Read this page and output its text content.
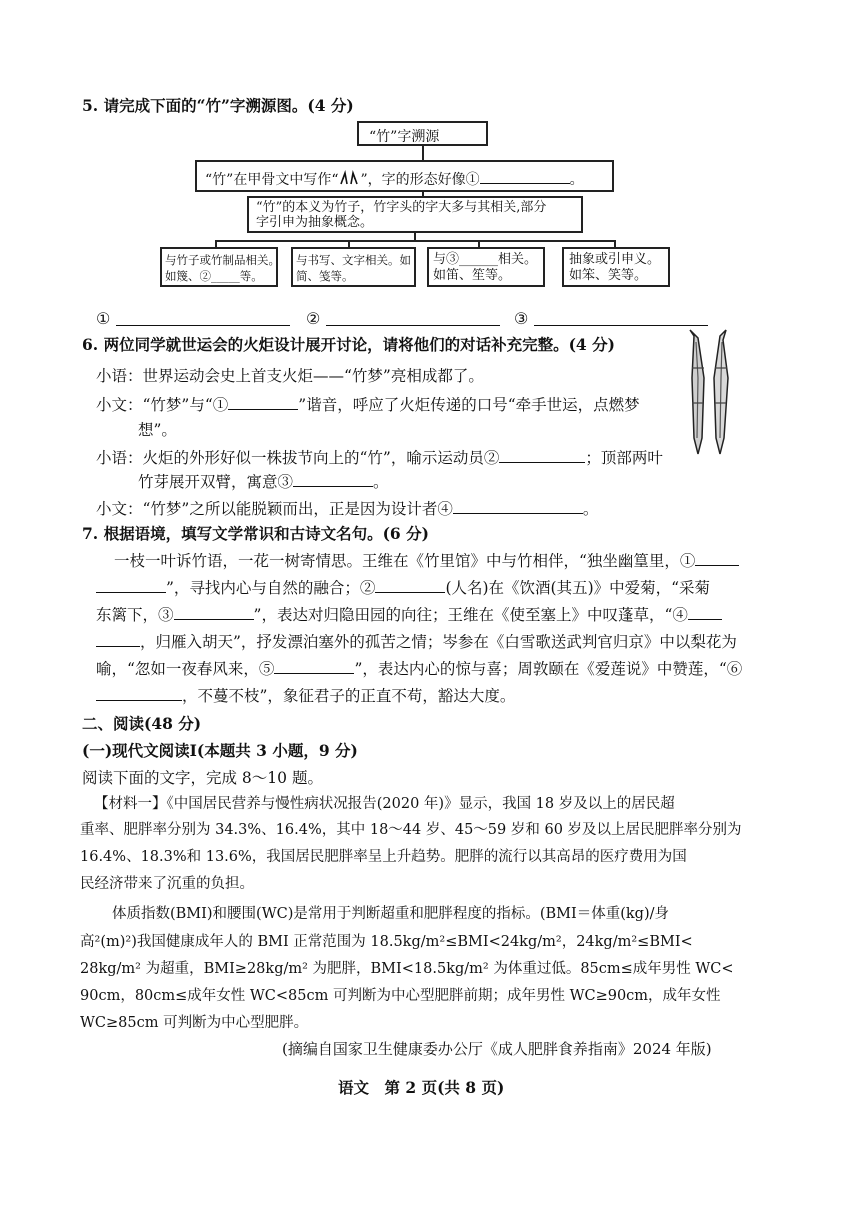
5. 请完成下面的“竹”字溯源图。(4 分)
“竹”字溯源
“竹”在甲骨文中写作“ ”，字的形态好像①	。
“竹”的本义为竹子，竹字头的字大多与其相关,部分
字引申为抽象概念。
与竹子或竹制品相关。
如篾、②_____等。
与书写、文字相关。如
简、笺等。
与③______相关。
如笛、笙等。
抽象或引申义。
如笨、笑等。
①	②	③
6. 两位同学就世运会的火炬设计展开讨论，请将他们的对话补充完整。(4 分)
小语：世界运动会史上首支火炬——“竹梦”亮相成都了。
小文：“竹梦”与“①	”谐音，呼应了火炬传递的口号“牵手世运，点燃梦
想”。
小语：火炬的外形好似一株拔节向上的“竹”，喻示运动员②	；顶部两叶
竹芽展开双臂，寓意③	。
小文：“竹梦”之所以能脱颖而出，正是因为设计者④	。
7. 根据语境，填写文学常识和古诗文名句。(6 分)
一枝一叶诉竹语，一花一树寄情思。王维在《竹里馆》中与竹相伴，“独坐幽篁里，①
”，寻找内心与自然的融合；②	(人名)在《饮酒(其五)》中爱菊，“采菊
东篱下，③	”，表达对归隐田园的向往；王维在《使至塞上》中叹蓬草，“④
，归雁入胡天”，抒发漂泊塞外的孤苦之情；岑参在《白雪歌送武判官归京》中以梨花为
喻，“忽如一夜春风来，⑤	”，表达内心的惊与喜；周敦颐在《爱莲说》中赞莲，“⑥
，不蔓不枝”，象征君子的正直不苟，豁达大度。
二、阅读(48 分)
(一)现代文阅读Ⅰ(本题共 3 小题，9 分)
阅读下面的文字，完成 8～10 题。
【材料一】《中国居民营养与慢性病状况报告(2020 年)》显示，我国 18 岁及以上的居民超
重率、肥胖率分别为 34.3%、16.4%，其中 18～44 岁、45～59 岁和 60 岁及以上居民肥胖率分别为
16.4%、18.3%和 13.6%，我国居民肥胖率呈上升趋势。肥胖的流行以其高昂的医疗费用为国
民经济带来了沉重的负担。
体质指数(BMI)和腰围(WC)是常用于判断超重和肥胖程度的指标。(BMI＝体重(kg)/身
高²(m)²)我国健康成年人的 BMI 正常范围为 18.5kg/m²≤BMI<24kg/m²，24kg/m²≤BMI<
28kg/m² 为超重，BMI≥28kg/m² 为肥胖，BMI<18.5kg/m² 为体重过低。85cm≤成年男性 WC<
90cm，80cm≤成年女性 WC<85cm 可判断为中心型肥胖前期；成年男性 WC≥90cm，成年女性
WC≥85cm 可判断为中心型肥胖。
(摘编自国家卫生健康委办公厅《成人肥胖食养指南》2024 年版)
语文　第 2 页(共 8 页)
